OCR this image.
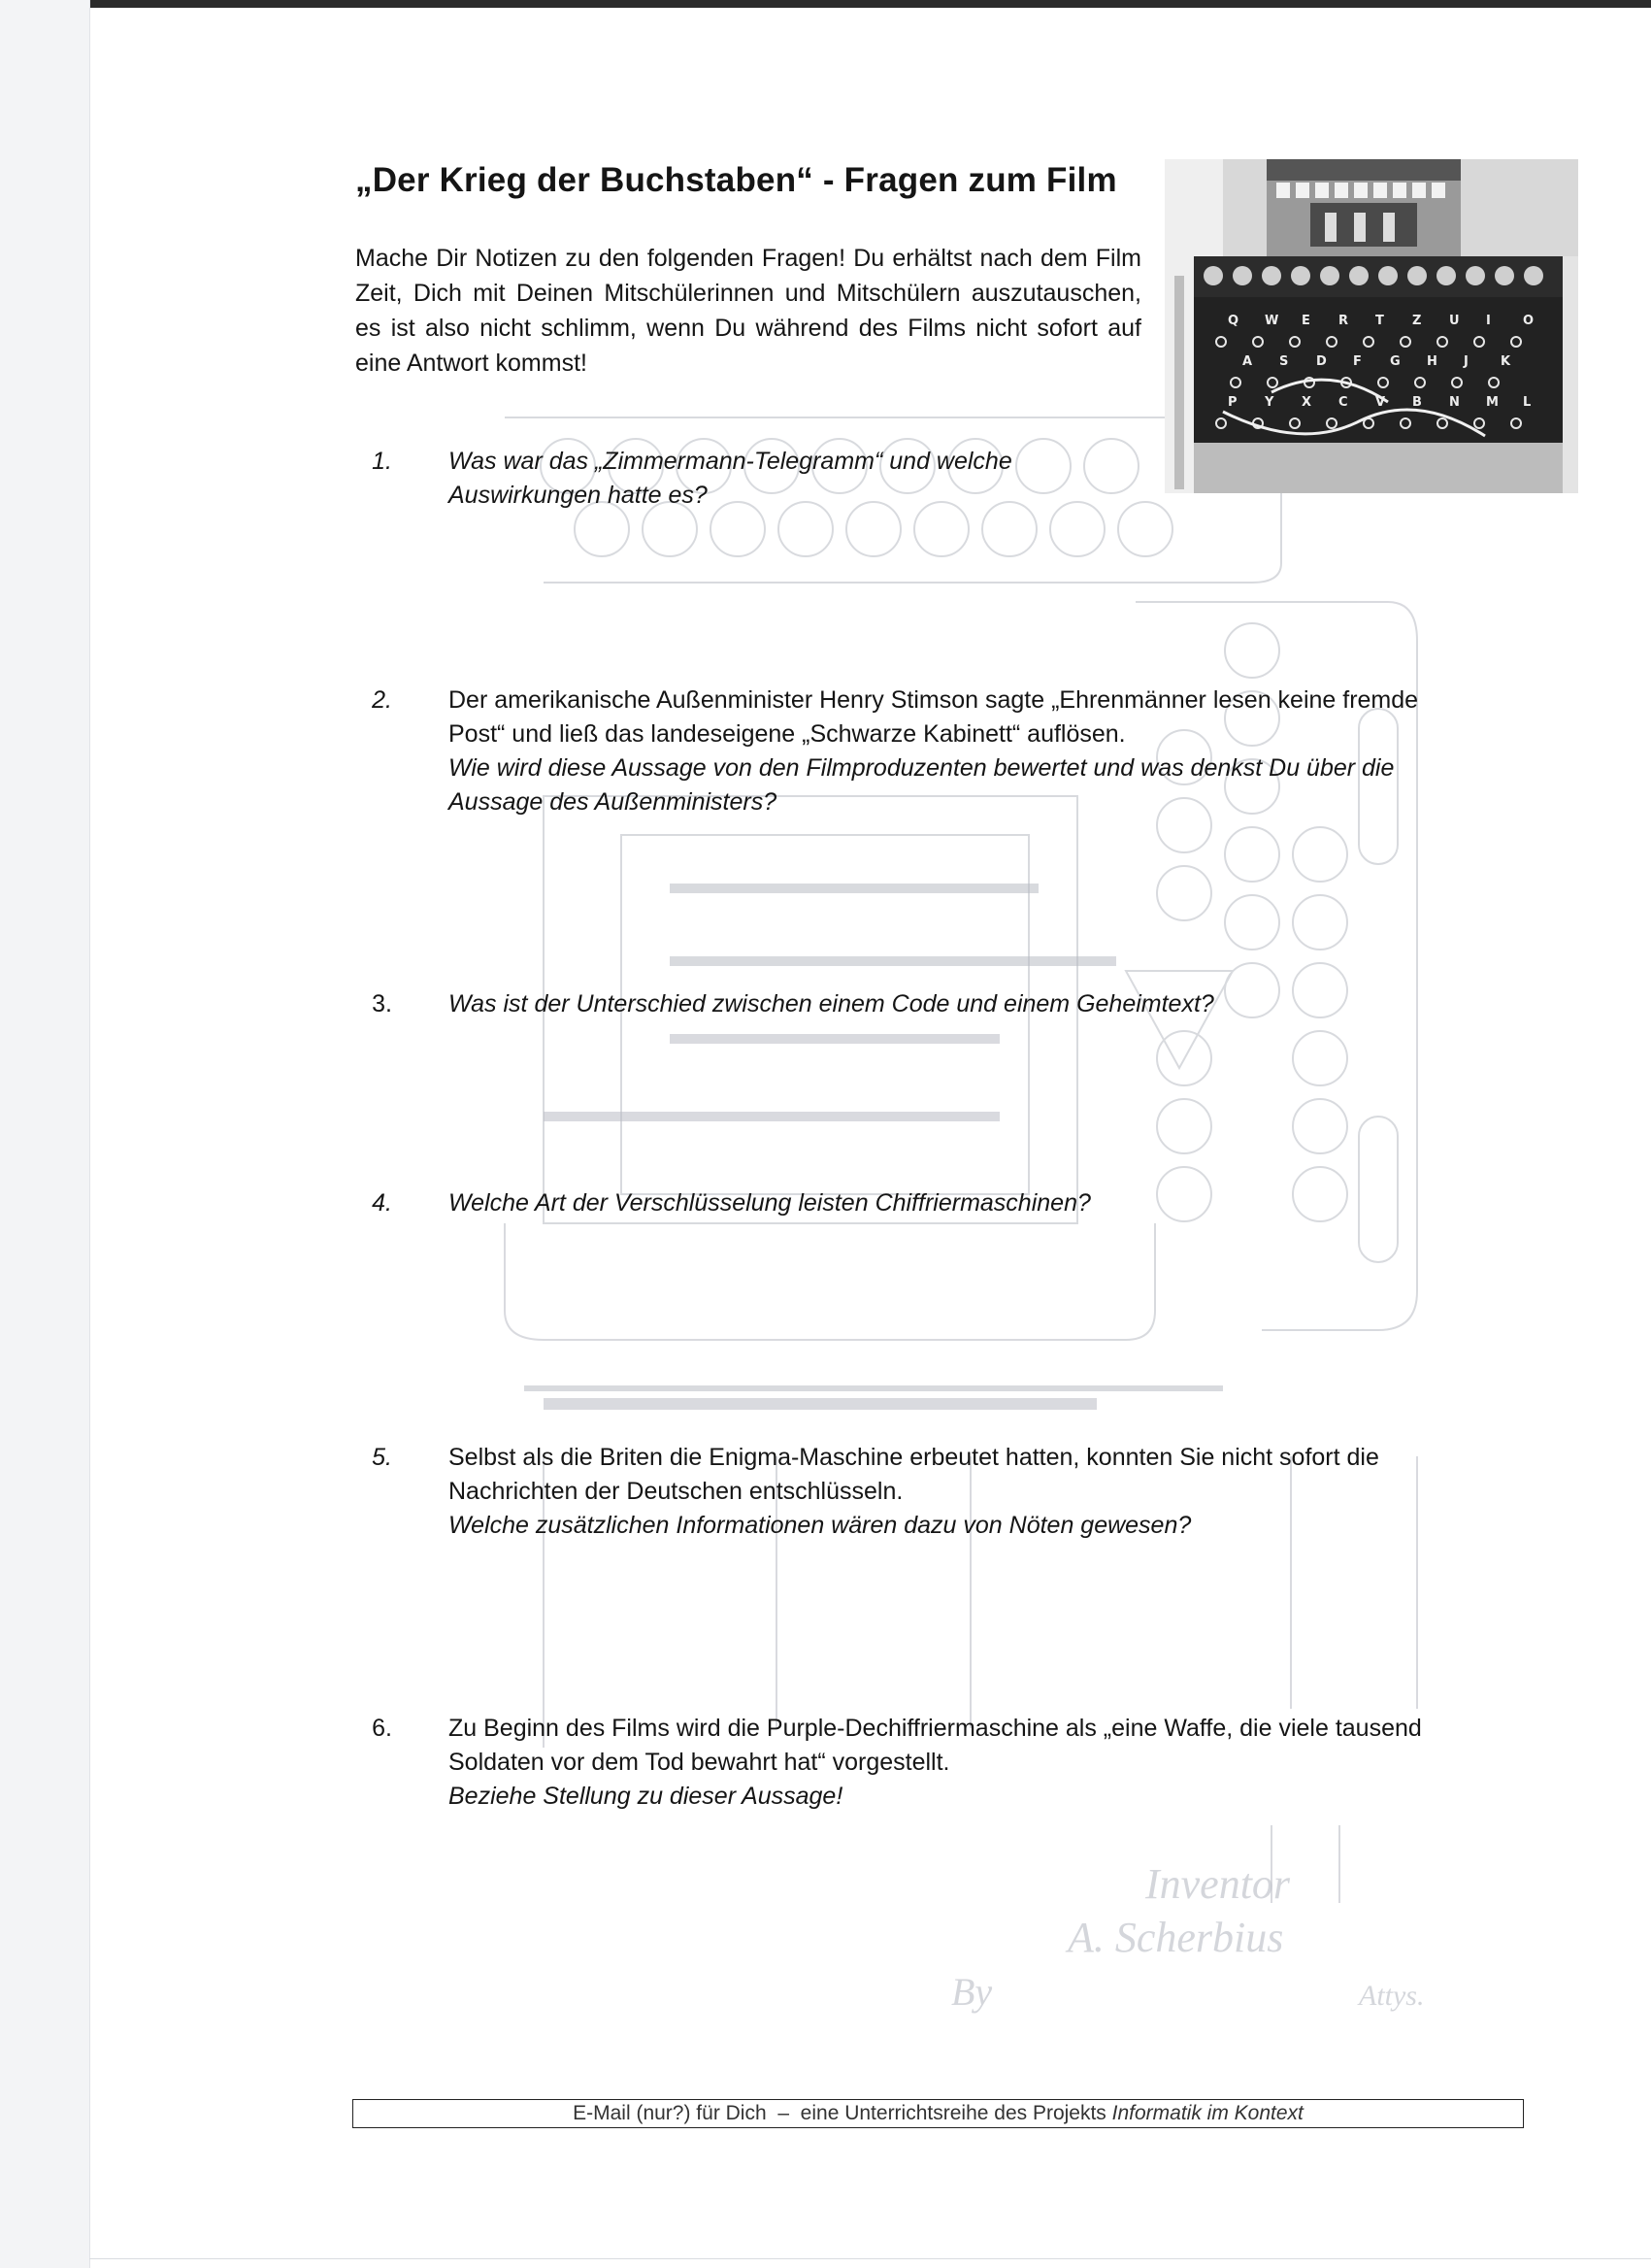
Inventor
A. Scherbius
By	Attys.
„Der Krieg der Buchstaben“ - Fragen zum Film

Mache Dir Notizen zu den folgenden Fragen! Du erhältst nach dem Film Zeit, Dich mit Deinen Mitschülerinnen und Mitschülern auszutauschen, es ist also nicht schlimm, wenn Du während des Films nicht sofort auf eine Antwort kommst!

Q W E R T Z U I	O
A S D F G H J	K
P Y X C V B N M L
1. Was war das „Zimmermann-Telegramm“ und welche
Auswirkungen hatte es?
2. Der amerikanische Außenminister Henry Stimson sagte „Ehrenmänner lesen keine fremde
Post“ und ließ das landeseigene „Schwarze Kabinett“ auflösen.
Wie wird diese Aussage von den Filmproduzenten bewertet und was denkst Du über die
Aussage des Außenministers?
3. Was ist der Unterschied zwischen einem Code und einem Geheimtext?
4. Welche Art der Verschlüsselung leisten Chiffriermaschinen?
5. Selbst als die Briten die Enigma-Maschine erbeutet hatten, konnten Sie nicht sofort die
Nachrichten der Deutschen entschlüsseln.
Welche zusätzlichen Informationen wären dazu von Nöten gewesen?
6. Zu Beginn des Films wird die Purple-Dechiffriermaschine als „eine Waffe, die viele tausend
Soldaten vor dem Tod bewahrt hat“ vorgestellt.
Beziehe Stellung zu dieser Aussage!
E-Mail (nur?) für Dich  –  eine Unterrichtsreihe des Projekts Informatik im Kontext
